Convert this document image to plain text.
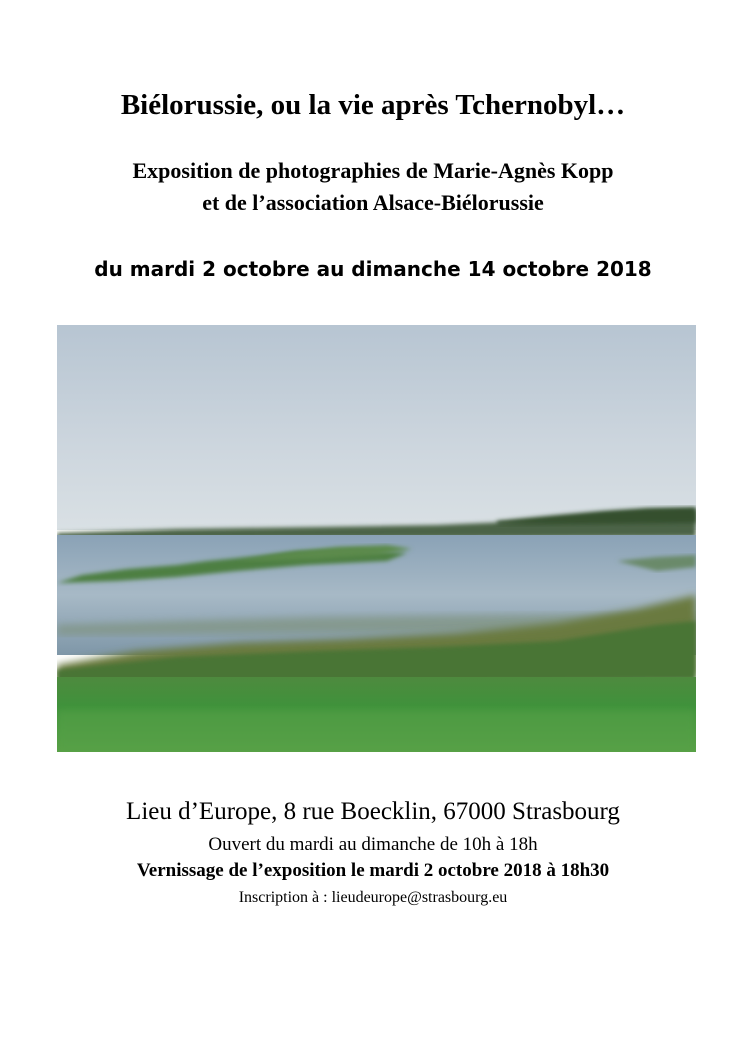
Biélorussie, ou la vie après Tchernobyl…

Exposition de photographies de Marie-Agnès Kopp

et de l’association Alsace-Biélorussie

du mardi 2 octobre au dimanche 14 octobre 2018

Lieu d’Europe, 8 rue Boecklin, 67000 Strasbourg

Ouvert du mardi au dimanche de 10h à 18h

Vernissage de l’exposition le mardi 2 octobre 2018 à 18h30

Inscription à : lieudeurope@strasbourg.eu
